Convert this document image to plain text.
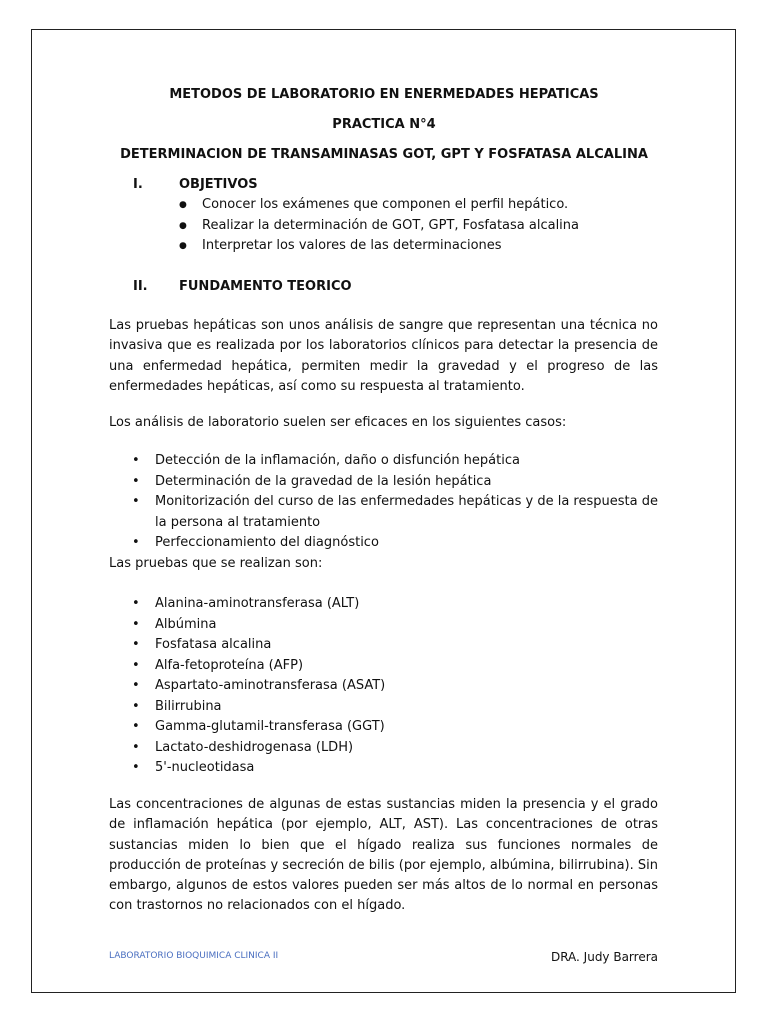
METODOS DE LABORATORIO EN ENERMEDADES HEPATICAS
PRACTICA N°4
DETERMINACION DE TRANSAMINASAS GOT, GPT Y FOSFATASA ALCALINA
I.	OBJETIVOS
● Conocer los exámenes que componen el perfil hepático.
● Realizar la determinación de GOT, GPT, Fosfatasa alcalina
● Interpretar los valores de las determinaciones
II. FUNDAMENTO TEORICO

Las pruebas hepáticas son unos análisis de sangre que representan una técnica no invasiva que es realizada por los laboratorios clínicos para detectar la presencia de una enfermedad hepática, permiten medir la gravedad y el progreso de las enfermedades hepáticas, así como su respuesta al tratamiento.

Los análisis de laboratorio suelen ser eficaces en los siguientes casos:
• Detección de la inflamación, daño o disfunción hepática
• Determinación de la gravedad de la lesión hepática
• Monitorización del curso de las enfermedades hepáticas y de la respuesta de la persona al tratamiento
• Perfeccionamiento del diagnóstico
Las pruebas que se realizan son:
• Alanina-aminotransferasa (ALT)
• Albúmina
• Fosfatasa alcalina
• Alfa-fetoproteína (AFP)
• Aspartato-aminotransferasa (ASAT)
• Bilirrubina
• Gamma-glutamil-transferasa (GGT)
• Lactato-deshidrogenasa (LDH)
• 5'-nucleotidasa

Las concentraciones de algunas de estas sustancias miden la presencia y el grado de inflamación hepática (por ejemplo, ALT, AST). Las concentraciones de otras sustancias miden lo bien que el hígado realiza sus funciones normales de producción de proteínas y secreción de bilis (por ejemplo, albúmina, bilirrubina). Sin embargo, algunos de estos valores pueden ser más altos de lo normal en personas con trastornos no relacionados con el hígado.

LABORATORIO BIOQUIMICA CLINICA II	DRA. Judy Barrera
